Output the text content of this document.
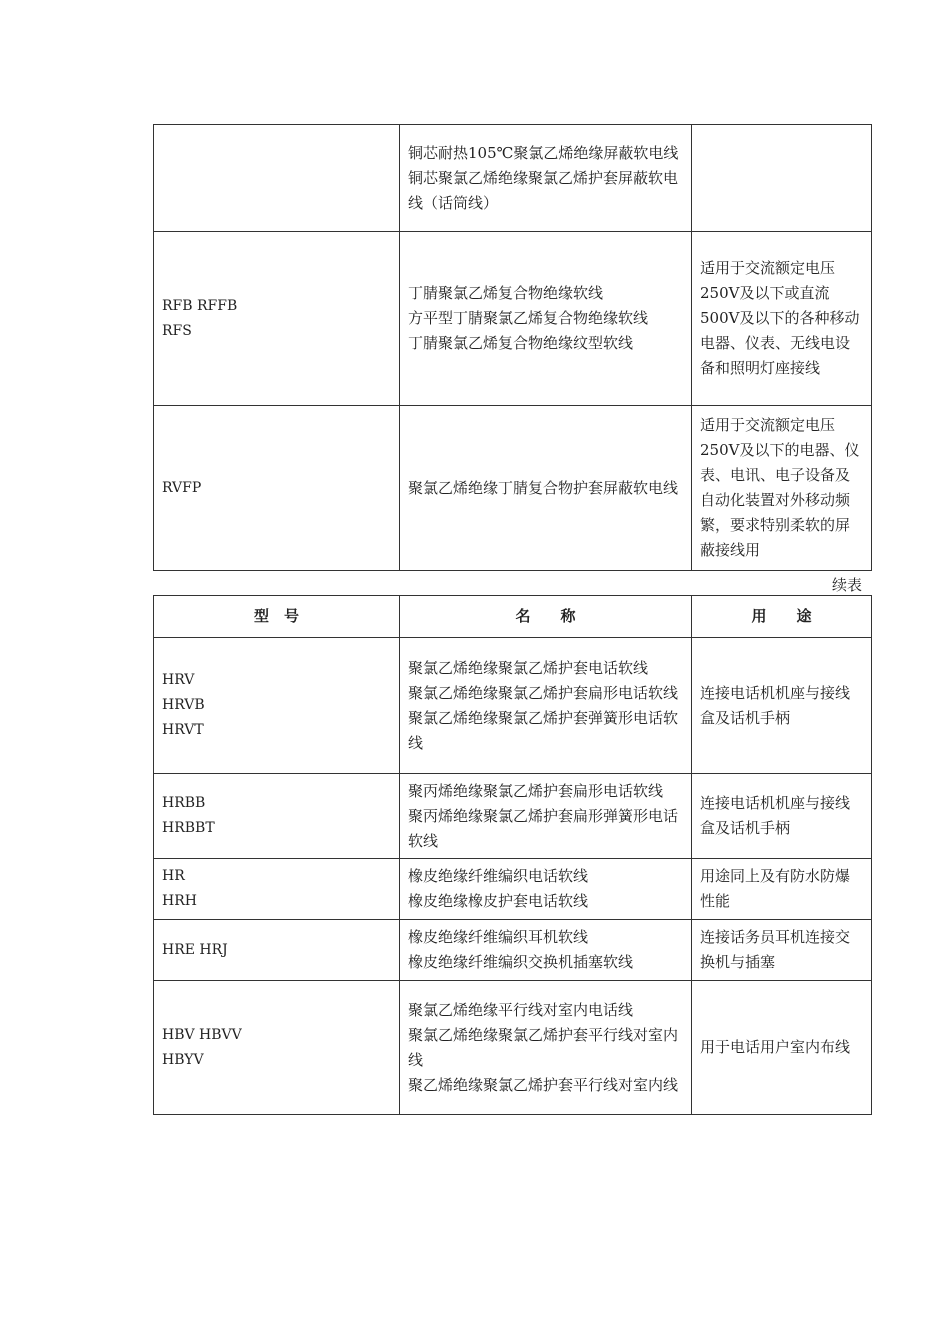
	铜芯耐热105℃聚氯乙烯绝缘屏蔽软电线
铜芯聚氯乙烯绝缘聚氯乙烯护套屏蔽软电线（话筒线）	

RFB RFFB
RFS	丁腈聚氯乙烯复合物绝缘软线
方平型丁腈聚氯乙烯复合物绝缘软线
丁腈聚氯乙烯复合物绝缘纹型软线	适用于交流额定电压250V及以下或直流500V及以下的各种移动电器、仪表、无线电设备和照明灯座接线

RVFP	聚氯乙烯绝缘丁腈复合物护套屏蔽软电线	适用于交流额定电压250V及以下的电器、仪表、电讯、电子设备及自动化装置对外移动频繁，要求特别柔软的屏蔽接线用
续表
型　号	名　　称	用　　途

HRV
HRVB
HRVT	聚氯乙烯绝缘聚氯乙烯护套电话软线
聚氯乙烯绝缘聚氯乙烯护套扁形电话软线
聚氯乙烯绝缘聚氯乙烯护套弹簧形电话软线	连接电话机机座与接线盒及话机手柄

HRBB
HRBBT	聚丙烯绝缘聚氯乙烯护套扁形电话软线　　　聚丙烯绝缘聚氯乙烯护套扁形弹簧形电话软线	连接电话机机座与接线盒及话机手柄

HR
HRH	橡皮绝缘纤维编织电话软线
橡皮绝缘橡皮护套电话软线	用途同上及有防水防爆性能

HRE HRJ	橡皮绝缘纤维编织耳机软线
橡皮绝缘纤维编织交换机插塞软线	连接话务员耳机连接交换机与插塞

HBV HBVV
HBYV	聚氯乙烯绝缘平行线对室内电话线
聚氯乙烯绝缘聚氯乙烯护套平行线对室内线
聚乙烯绝缘聚氯乙烯护套平行线对室内线	用于电话用户室内布线
